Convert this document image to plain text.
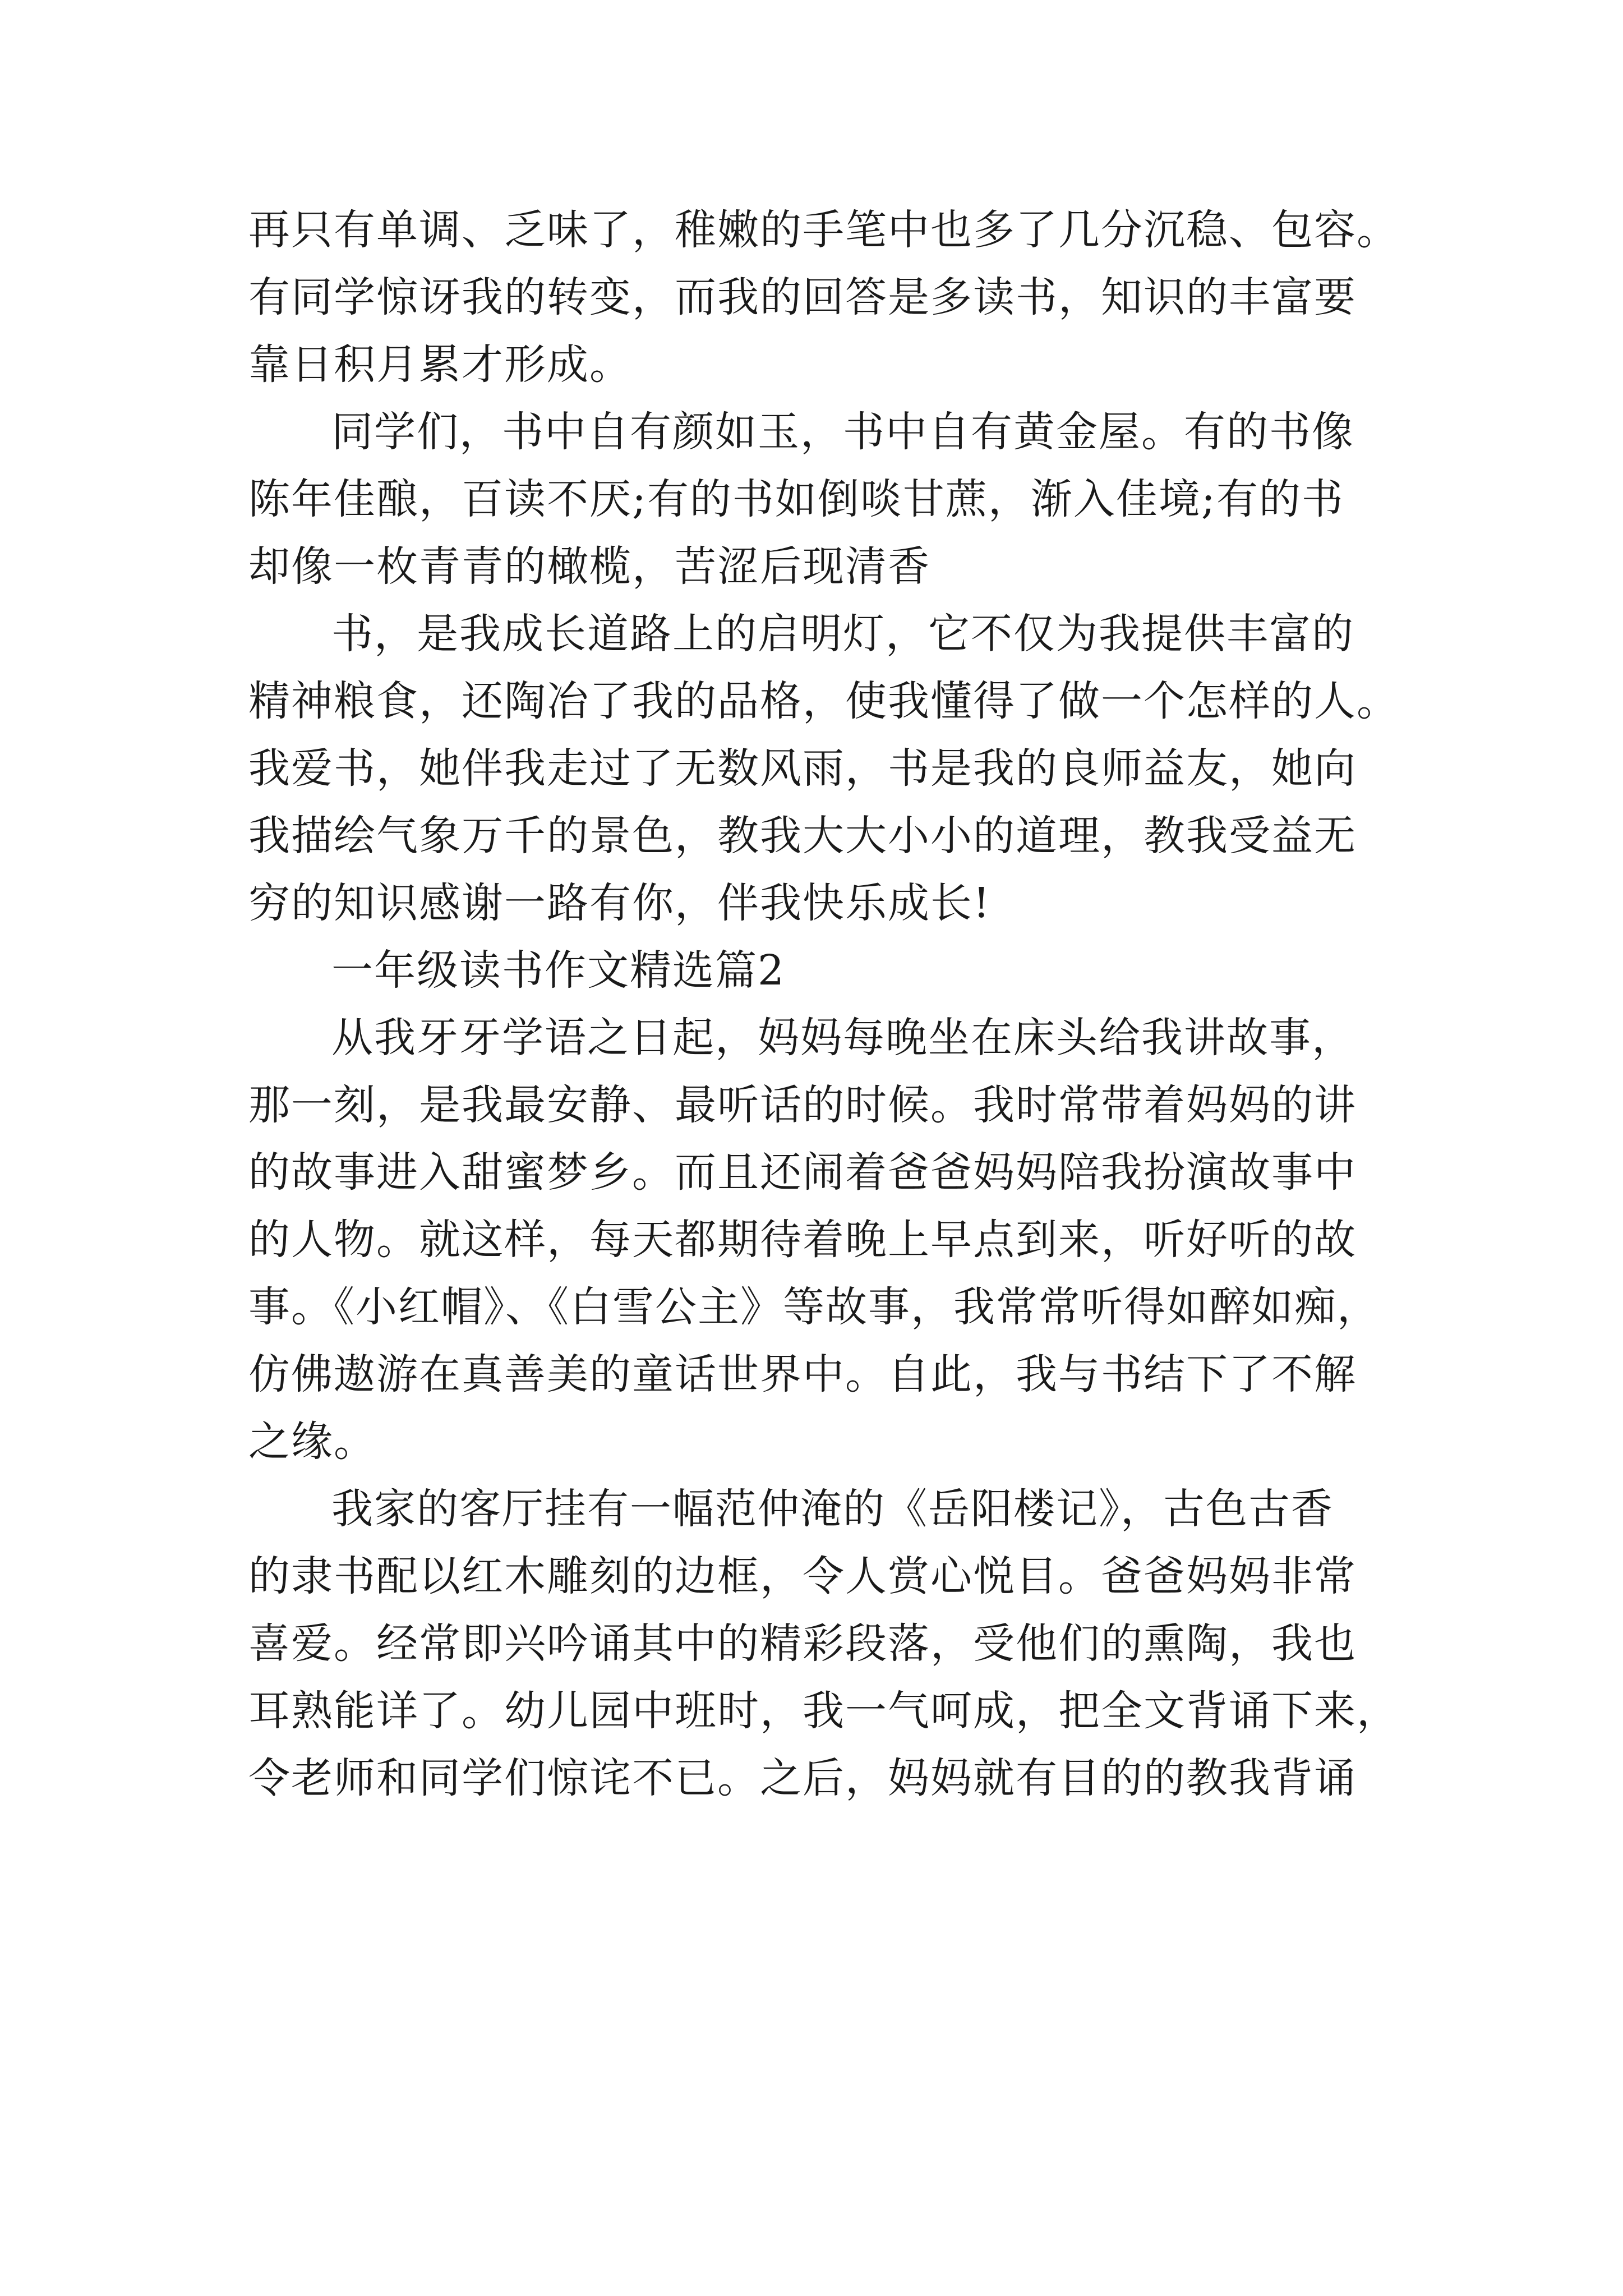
再只有单调、乏味了，稚嫩的手笔中也多了几分沉稳、包容。
有同学惊讶我的转变，而我的回答是多读书，知识的丰富要
靠日积月累才形成。
同学们，书中自有颜如玉，书中自有黄金屋。有的书像
陈年佳酿，百读不厌;有的书如倒啖甘蔗，渐入佳境;有的书
却像一枚青青的橄榄，苦涩后现清香
书，是我成长道路上的启明灯，它不仅为我提供丰富的
精神粮食，还陶冶了我的品格，使我懂得了做一个怎样的人。
我爱书，她伴我走过了无数风雨，书是我的良师益友，她向
我描绘气象万千的景色，教我大大小小的道理，教我受益无
穷的知识感谢一路有你，伴我快乐成长!
一年级读书作文精选篇2
从我牙牙学语之日起，妈妈每晚坐在床头给我讲故事，
那一刻，是我最安静、最听话的时候。我时常带着妈妈的讲
的故事进入甜蜜梦乡。而且还闹着爸爸妈妈陪我扮演故事中
的人物。就这样，每天都期待着晚上早点到来，听好听的故
事。《小红帽》、《白雪公主》等故事，我常常听得如醉如痴，
仿佛遨游在真善美的童话世界中。自此，我与书结下了不解
之缘。
我家的客厅挂有一幅范仲淹的《岳阳楼记》，古色古香
的隶书配以红木雕刻的边框，令人赏心悦目。爸爸妈妈非常
喜爱。经常即兴吟诵其中的精彩段落，受他们的熏陶，我也
耳熟能详了。幼儿园中班时，我一气呵成，把全文背诵下来，
令老师和同学们惊诧不已。之后，妈妈就有目的的教我背诵
